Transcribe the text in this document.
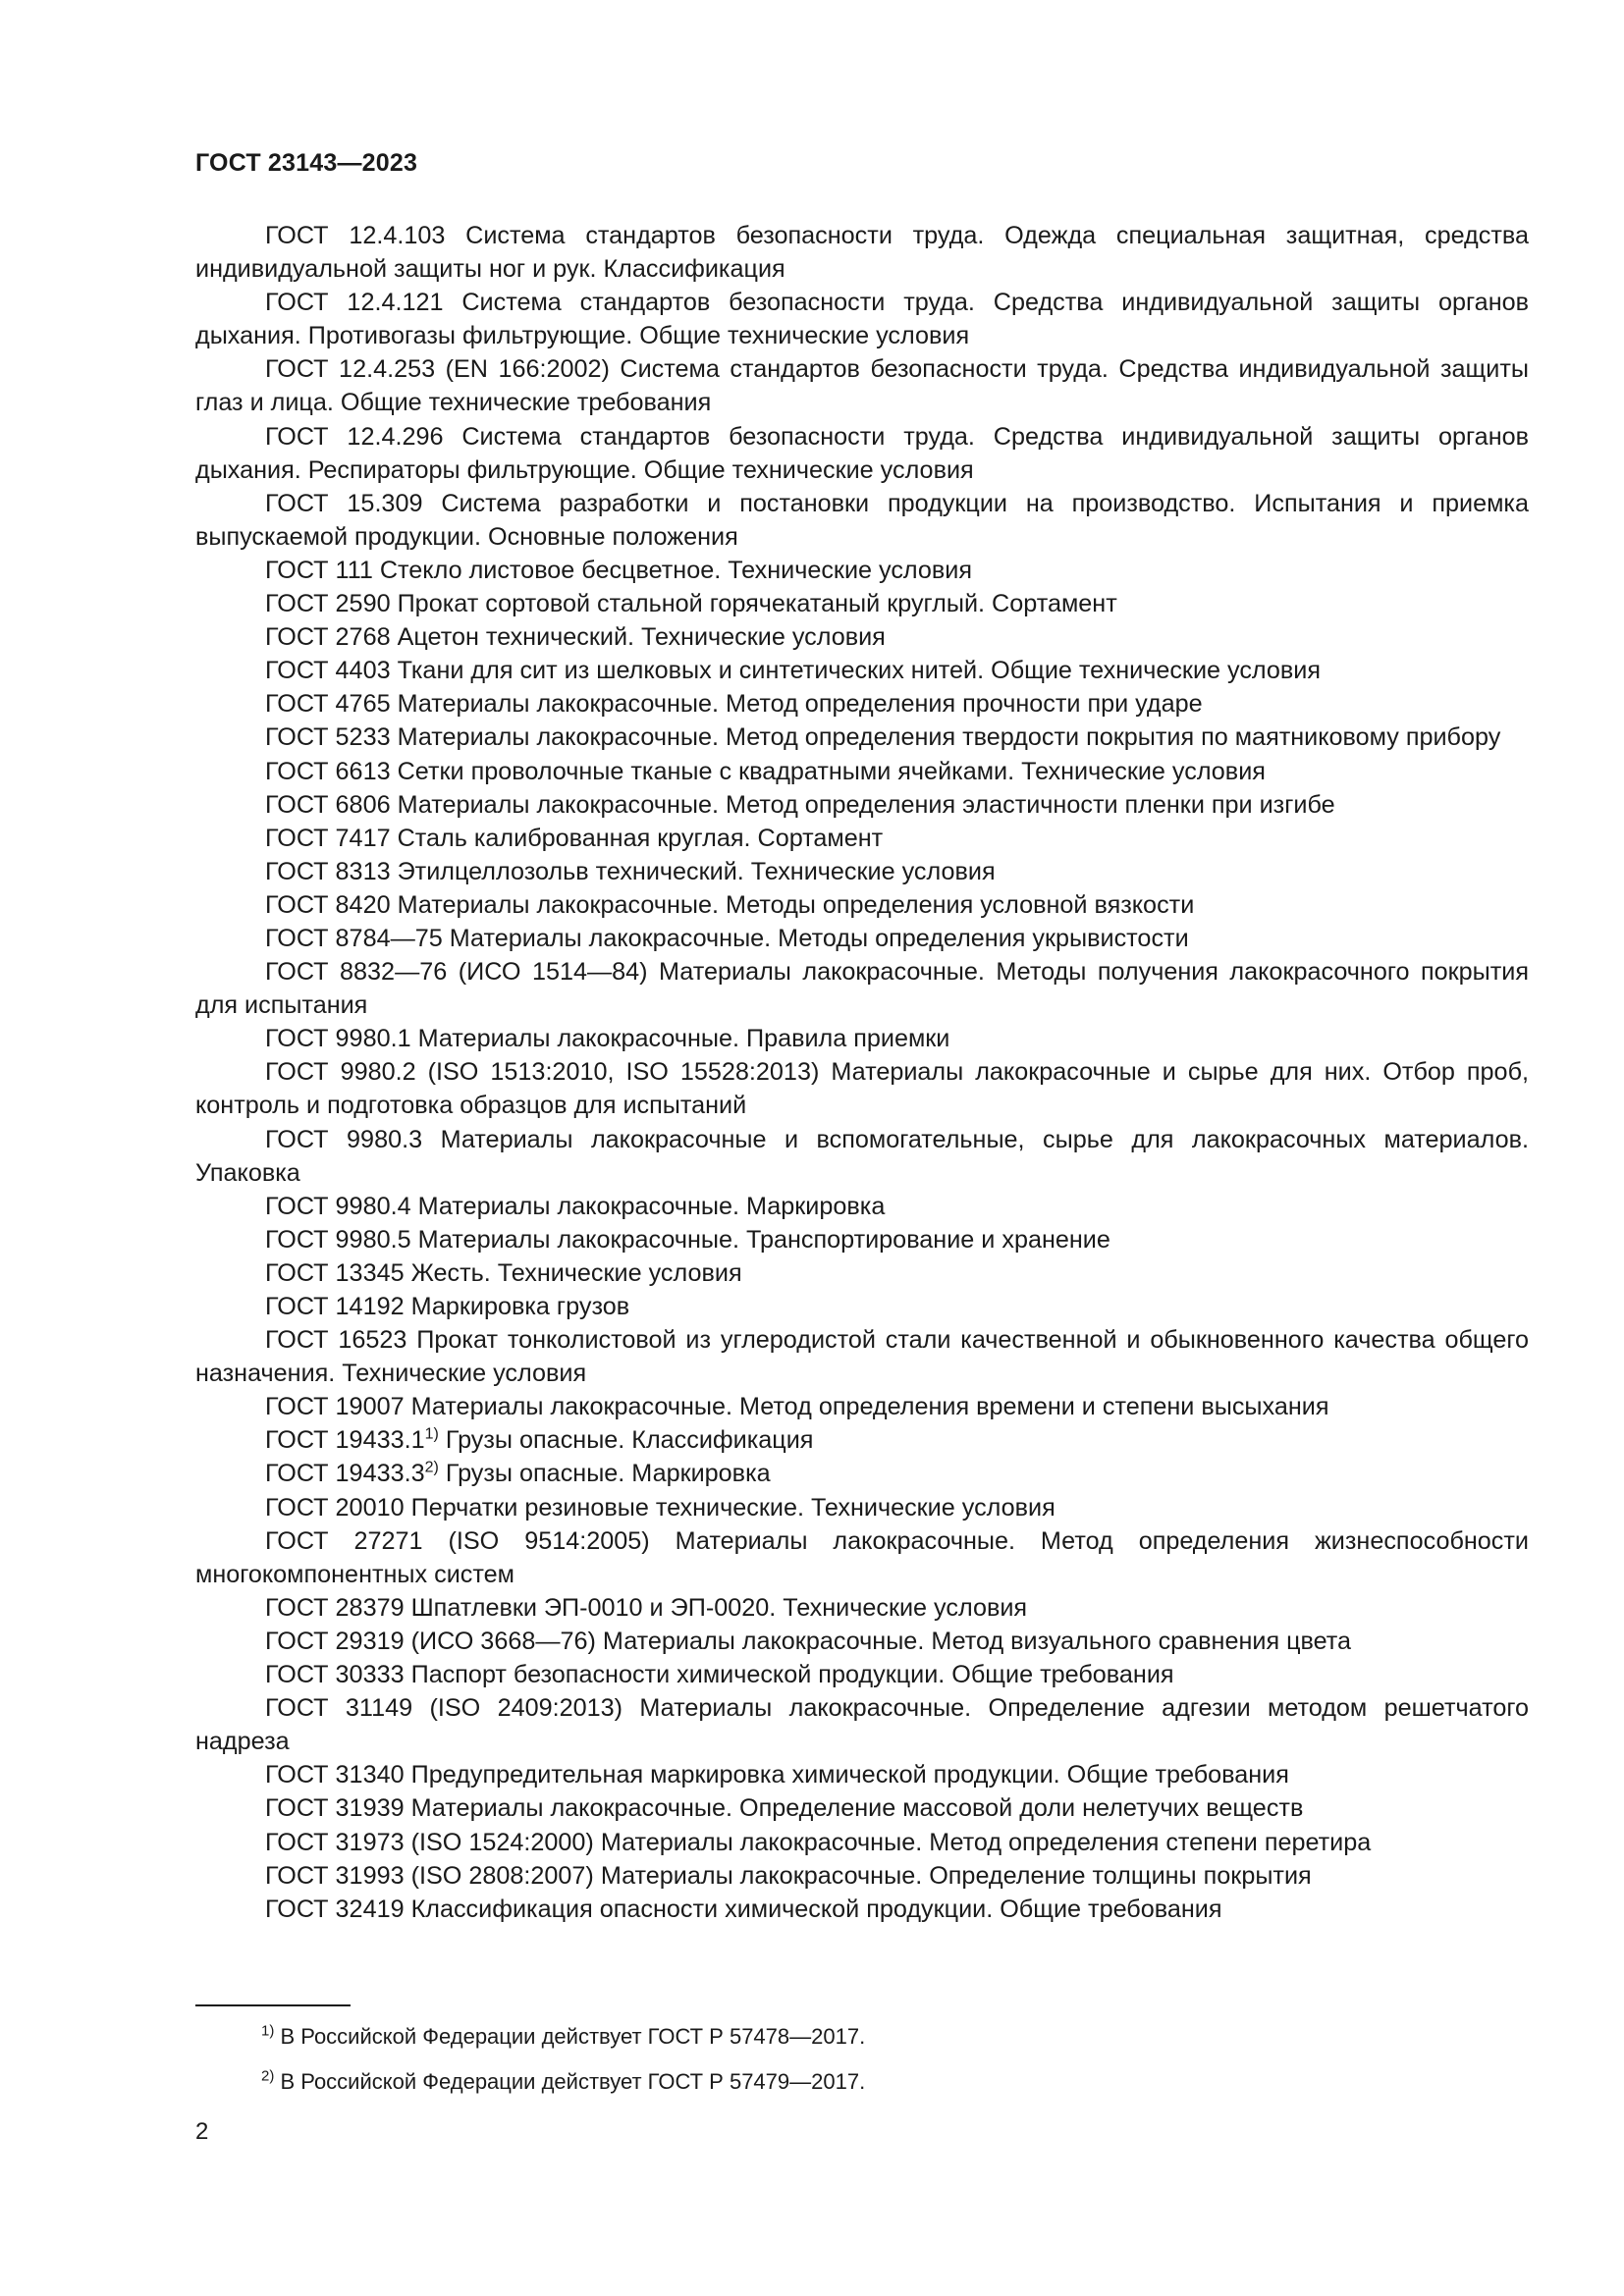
ГОСТ 23143—2023

ГОСТ 12.4.103 Система стандартов безопасности труда. Одежда специальная защитная, средства индивидуальной защиты ног и рук. Классификация

ГОСТ 12.4.121 Система стандартов безопасности труда. Средства индивидуальной защиты органов дыхания. Противогазы фильтрующие. Общие технические условия

ГОСТ 12.4.253 (EN 166:2002) Система стандартов безопасности труда. Средства индивидуальной защиты глаз и лица. Общие технические требования

ГОСТ 12.4.296 Система стандартов безопасности труда. Средства индивидуальной защиты органов дыхания. Респираторы фильтрующие. Общие технические условия

ГОСТ 15.309 Система разработки и постановки продукции на производство. Испытания и приемка выпускаемой продукции. Основные положения

ГОСТ 111 Стекло листовое бесцветное. Технические условия

ГОСТ 2590 Прокат сортовой стальной горячекатаный круглый. Сортамент

ГОСТ 2768 Ацетон технический. Технические условия

ГОСТ 4403 Ткани для сит из шелковых и синтетических нитей. Общие технические условия

ГОСТ 4765 Материалы лакокрасочные. Метод определения прочности при ударе

ГОСТ 5233 Материалы лакокрасочные. Метод определения твердости покрытия по маятниковому прибору

ГОСТ 6613 Сетки проволочные тканые с квадратными ячейками. Технические условия

ГОСТ 6806 Материалы лакокрасочные. Метод определения эластичности пленки при изгибе

ГОСТ 7417 Сталь калиброванная круглая. Сортамент

ГОСТ 8313 Этилцеллозольв технический. Технические условия

ГОСТ 8420 Материалы лакокрасочные. Методы определения условной вязкости

ГОСТ 8784—75 Материалы лакокрасочные. Методы определения укрывистости

ГОСТ 8832—76 (ИСО 1514—84) Материалы лакокрасочные. Методы получения лакокрасочного покрытия для испытания

ГОСТ 9980.1 Материалы лакокрасочные. Правила приемки

ГОСТ 9980.2 (ISO 1513:2010, ISO 15528:2013) Материалы лакокрасочные и сырье для них. Отбор проб, контроль и подготовка образцов для испытаний

ГОСТ 9980.3 Материалы лакокрасочные и вспомогательные, сырье для лакокрасочных материалов. Упаковка

ГОСТ 9980.4 Материалы лакокрасочные. Маркировка

ГОСТ 9980.5 Материалы лакокрасочные. Транспортирование и хранение

ГОСТ 13345 Жесть. Технические условия

ГОСТ 14192 Маркировка грузов

ГОСТ 16523 Прокат тонколистовой из углеродистой стали качественной и обыкновенного качества общего назначения. Технические условия

ГОСТ 19007 Материалы лакокрасочные. Метод определения времени и степени высыхания

ГОСТ 19433.1$^{1)}$ Грузы опасные. Классификация

ГОСТ 19433.3$^{2)}$ Грузы опасные. Маркировка

ГОСТ 20010 Перчатки резиновые технические. Технические условия

ГОСТ 27271 (ISO 9514:2005) Материалы лакокрасочные. Метод определения жизнеспособности многокомпонентных систем

ГОСТ 28379 Шпатлевки ЭП-0010 и ЭП-0020. Технические условия

ГОСТ 29319 (ИСО 3668—76) Материалы лакокрасочные. Метод визуального сравнения цвета

ГОСТ 30333 Паспорт безопасности химической продукции. Общие требования

ГОСТ 31149 (ISO 2409:2013) Материалы лакокрасочные. Определение адгезии методом решетчатого надреза

ГОСТ 31340 Предупредительная маркировка химической продукции. Общие требования

ГОСТ 31939 Материалы лакокрасочные. Определение массовой доли нелетучих веществ

ГОСТ 31973 (ISO 1524:2000) Материалы лакокрасочные. Метод определения степени перетира

ГОСТ 31993 (ISO 2808:2007) Материалы лакокрасочные. Определение толщины покрытия

ГОСТ 32419 Классификация опасности химической продукции. Общие требования

$^{1)}$ В Российской Федерации действует ГОСТ Р 57478—2017.

$^{2)}$ В Российской Федерации действует ГОСТ Р 57479—2017.

2
